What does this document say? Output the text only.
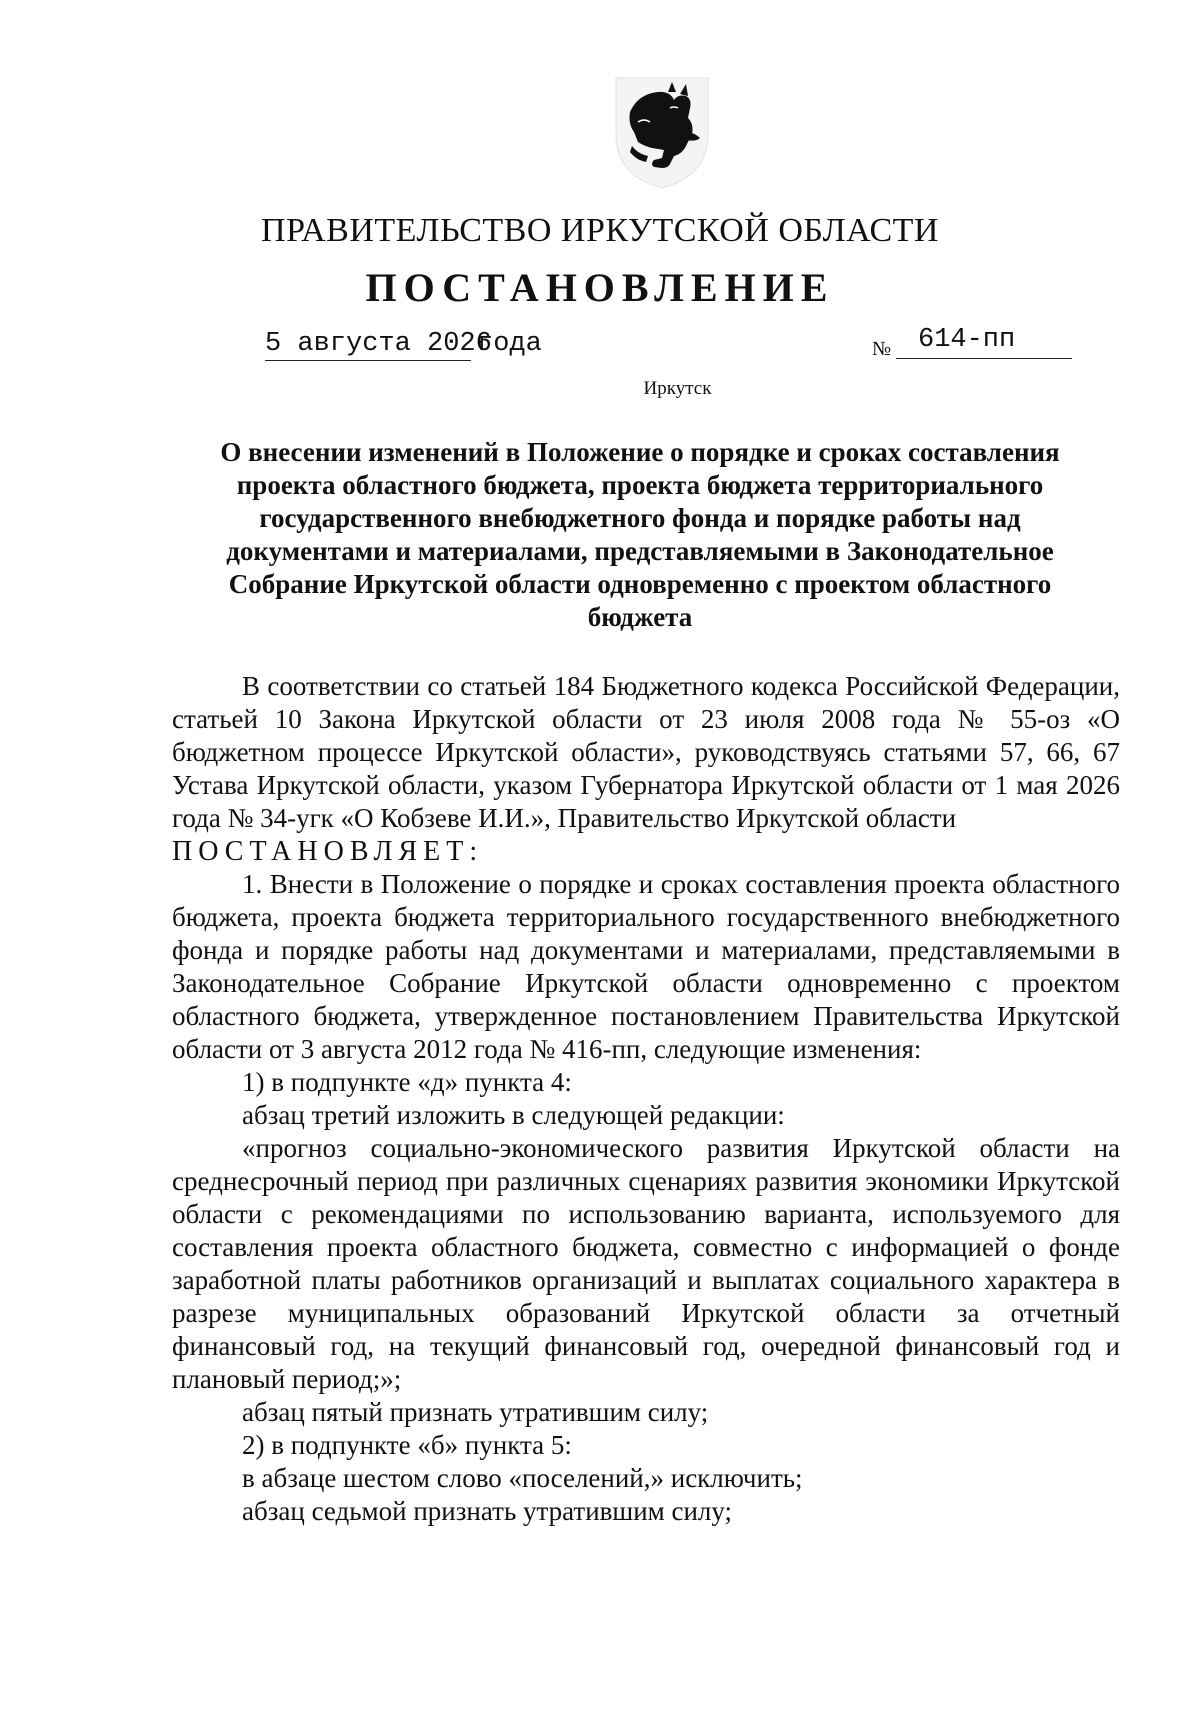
ПРАВИТЕЛЬСТВО ИРКУТСКОЙ ОБЛАСТИ
ПОСТАНОВЛЕНИЕ
5 августа 2026
года	№ 614-пп
Иркутск
О внесении изменений в Положение о порядке и сроках составления проекта областного бюджета, проекта бюджета территориального государственного внебюджетного фонда и порядке работы над документами и материалами, представляемыми в Законодательное Собрание Иркутской области одновременно с проектом областного бюджета

В соответствии со статьей 184 Бюджетного кодекса Российской Федерации, статьей 10 Закона Иркутской области от 23 июля 2008 года № 55-оз «О бюджетном процессе Иркутской области», руководствуясь статьями 57, 66, 67 Устава Иркутской области, указом Губернатора Иркутской области от 1 мая 2026 года № 34-угк «О Кобзеве И.И.», Правительство Иркутской области

ПОСТАНОВЛЯЕТ:

1. Внести в Положение о порядке и сроках составления проекта областного бюджета, проекта бюджета территориального государственного внебюджетного фонда и порядке работы над документами и материалами, представляемыми в Законодательное Собрание Иркутской области одновременно с проектом областного бюджета, утвержденное постановлением Правительства Иркутской области от 3 августа 2012 года № 416-пп, следующие изменения:

1) в подпункте «д» пункта 4:

абзац третий изложить в следующей редакции:

«прогноз социально-экономического развития Иркутской области на среднесрочный период при различных сценариях развития экономики Иркутской области с рекомендациями по использованию варианта, используемого для составления проекта областного бюджета, совместно с информацией о фонде заработной платы работников организаций и выплатах социального характера в разрезе муниципальных образований Иркутской области за отчетный финансовый год, на текущий финансовый год, очередной финансовый год и плановый период;»;

абзац пятый признать утратившим силу;

2) в подпункте «б» пункта 5:

в абзаце шестом слово «поселений,» исключить;

абзац седьмой признать утратившим силу;
